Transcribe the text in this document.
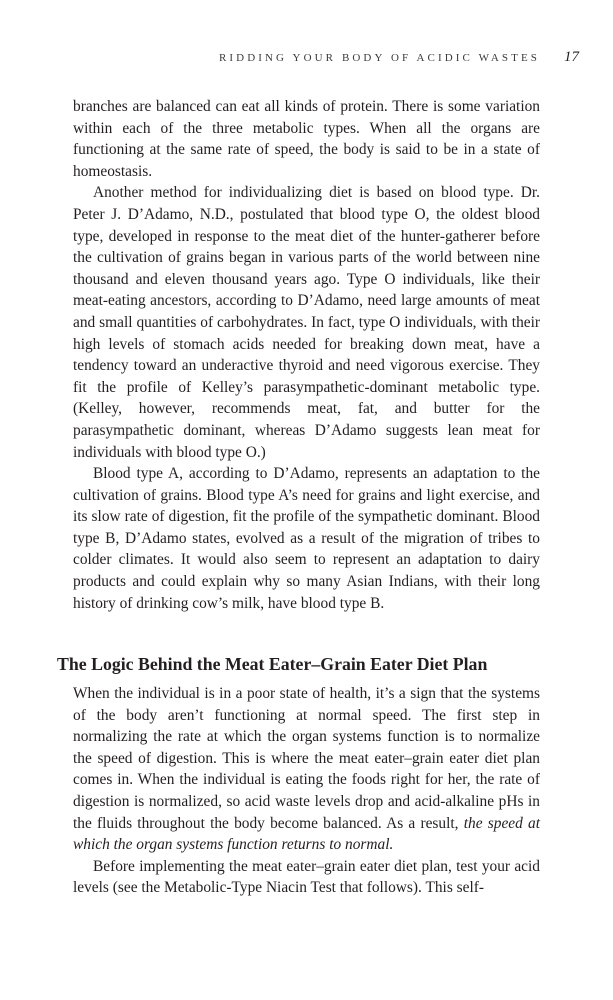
RIDDING YOUR BODY OF ACIDIC WASTES 17

branches are balanced can eat all kinds of protein. There is some variation within each of the three metabolic types. When all the organs are functioning at the same rate of speed, the body is said to be in a state of homeostasis.

Another method for individualizing diet is based on blood type. Dr. Peter J. D’Adamo, N.D., postulated that blood type O, the oldest blood type, developed in response to the meat diet of the hunter-gatherer before the cultivation of grains began in various parts of the world between nine thousand and eleven thousand years ago. Type O individuals, like their meat-eating ancestors, according to D’Adamo, need large amounts of meat and small quantities of carbohydrates. In fact, type O individuals, with their high levels of stomach acids needed for breaking down meat, have a tendency toward an underactive thyroid and need vigorous exercise. They fit the profile of Kelley’s parasympathetic-dominant metabolic type. (Kelley, however, recommends meat, fat, and butter for the parasympathetic dominant, whereas D’Adamo suggests lean meat for individuals with blood type O.)

Blood type A, according to D’Adamo, represents an adaptation to the cultivation of grains. Blood type A’s need for grains and light exercise, and its slow rate of digestion, fit the profile of the sympathetic dominant. Blood type B, D’Adamo states, evolved as a result of the migration of tribes to colder climates. It would also seem to represent an adaptation to dairy products and could explain why so many Asian Indians, with their long history of drinking cow’s milk, have blood type B.

The Logic Behind the Meat Eater–Grain Eater Diet Plan

When the individual is in a poor state of health, it’s a sign that the systems of the body aren’t functioning at normal speed. The first step in normalizing the rate at which the organ systems function is to normalize the speed of digestion. This is where the meat eater–grain eater diet plan comes in. When the individual is eating the foods right for her, the rate of digestion is normalized, so acid waste levels drop and acid-alkaline pHs in the fluids throughout the body become balanced. As a result, the speed at which the organ systems function returns to normal.

Before implementing the meat eater–grain eater diet plan, test your acid levels (see the Metabolic-Type Niacin Test that follows). This self-
